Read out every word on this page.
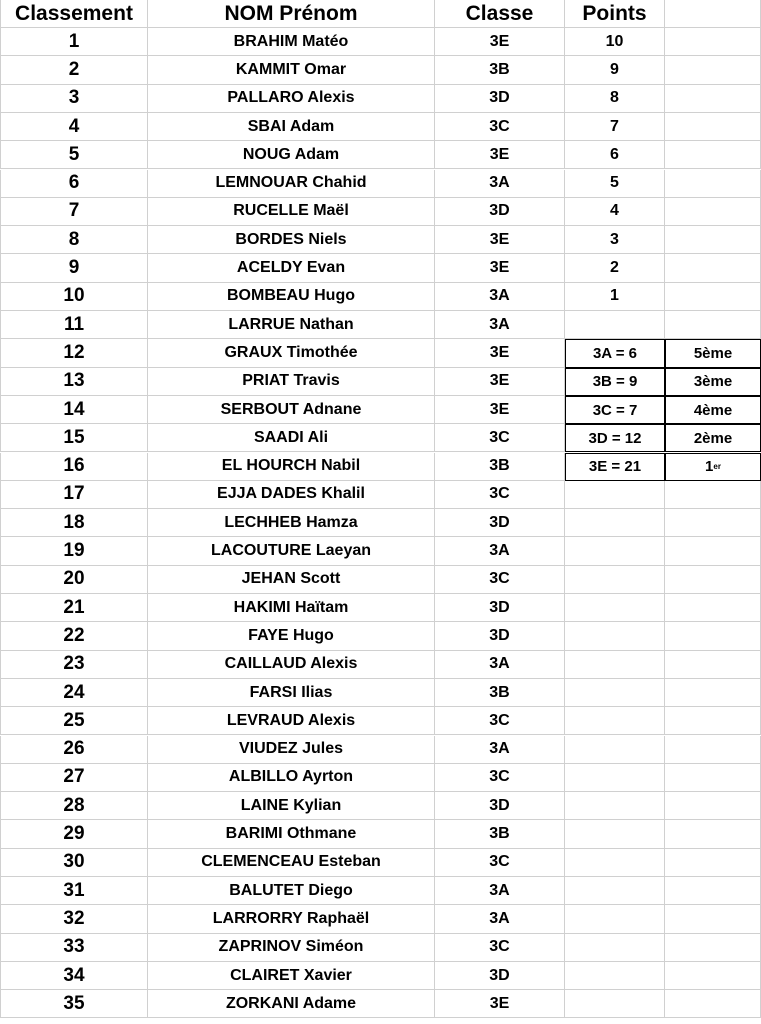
Classement	NOM Prénom	Classe	Points
1	BRAHIM Matéo	3E	10
2	KAMMIT Omar	3B	9
3	PALLARO Alexis	3D	8
4	SBAI Adam	3C	7
5	NOUG Adam	3E	6
6	LEMNOUAR Chahid	3A	5
7	RUCELLE Maël	3D	4
8	BORDES Niels	3E	3
9	ACELDY Evan	3E	2
10	BOMBEAU Hugo	3A	1
11	LARRUE Nathan	3A
12	GRAUX Timothée	3E	3A = 6	5ème
13	PRIAT Travis	3E	3B = 9	3ème
14	SERBOUT Adnane	3E	3C = 7	4ème
15	SAADI Ali	3C	3D = 12	2ème
16	EL HOURCH Nabil	3B	3E = 21	1 er
17	EJJA DADES Khalil	3C
18	LECHHEB Hamza	3D
19	LACOUTURE Laeyan	3A
20	JEHAN Scott	3C
21	HAKIMI Haïtam	3D
22	FAYE Hugo	3D
23	CAILLAUD Alexis	3A
24	FARSI Ilias	3B
25	LEVRAUD Alexis	3C
26	VIUDEZ Jules	3A
27	ALBILLO Ayrton	3C
28	LAINE Kylian	3D
29	BARIMI Othmane	3B
30	CLEMENCEAU Esteban	3C
31	BALUTET Diego	3A
32	LARRORRY Raphaël	3A
33	ZAPRINOV Siméon	3C
34	CLAIRET Xavier	3D
35	ZORKANI Adame	3E
